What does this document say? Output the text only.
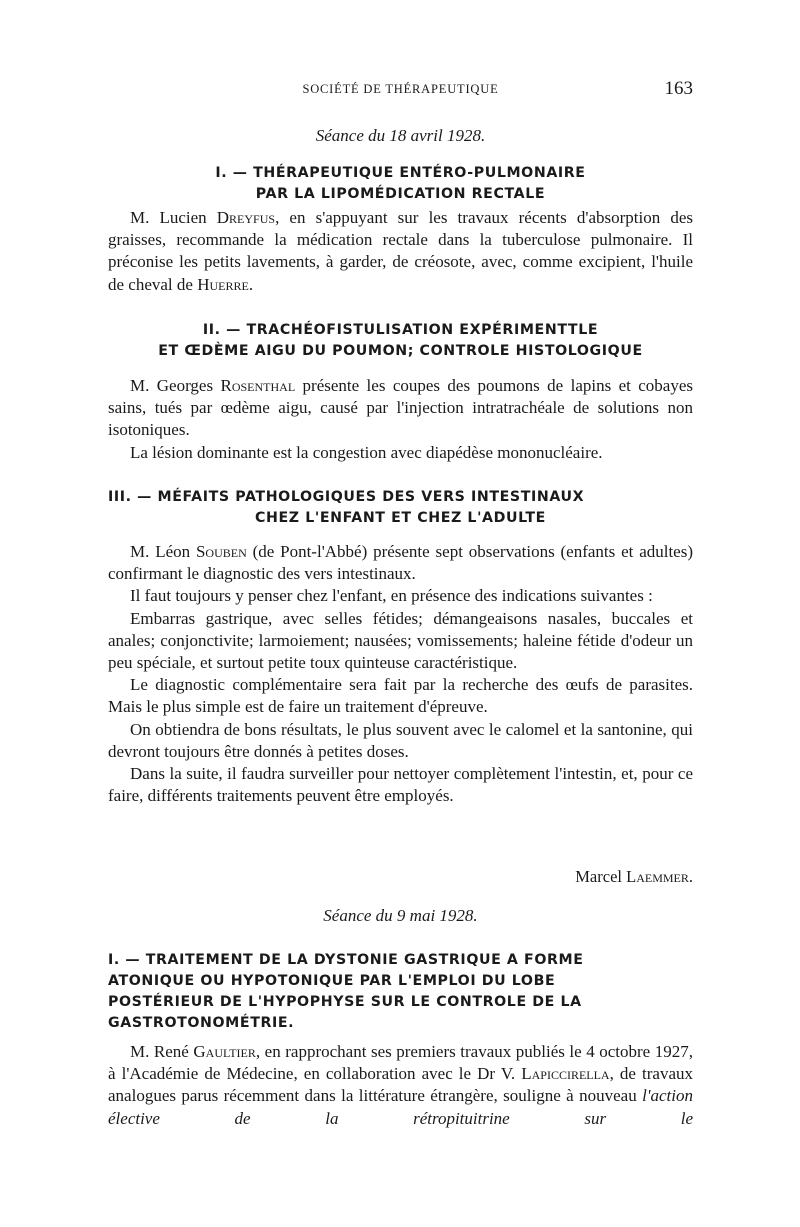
SOCIÉTÉ DE THÉRAPEUTIQUE	163
Séance du 18 avril 1928.
I. — THÉRAPEUTIQUE ENTÉRO-PULMONAIRE
PAR LA LIPOMÉDICATION RECTALE

M. Lucien Dreyfus, en s'appuyant sur les travaux récents d'absorption des graisses, recommande la médication rectale dans la tuberculose pulmonaire. Il préconise les petits lavements, à garder, de créosote, avec, comme excipient, l'huile de cheval de Huerre.

II. — TRACHÉOFISTULISATION EXPÉRIMENTTLE
ET ŒDÈME AIGU DU POUMON; CONTROLE HISTOLOGIQUE

M. Georges Rosenthal présente les coupes des poumons de lapins et cobayes sains, tués par œdème aigu, causé par l'injection intratrachéale de solutions non isotoniques.

La lésion dominante est la congestion avec diapédèse mononucléaire.

III. — MÉFAITS PATHOLOGIQUES DES VERS INTESTINAUX
CHEZ L'ENFANT ET CHEZ L'ADULTE

M. Léon Souben (de Pont-l'Abbé) présente sept observations (enfants et adultes) confirmant le diagnostic des vers intestinaux.

Il faut toujours y penser chez l'enfant, en présence des indications suivantes :

Embarras gastrique, avec selles fétides; démangeaisons nasales, buccales et anales; conjonctivite; larmoiement; nausées; vomissements; haleine fétide d'odeur un peu spéciale, et surtout petite toux quinteuse caractéristique.

Le diagnostic complémentaire sera fait par la recherche des œufs de parasites. Mais le plus simple est de faire un traitement d'épreuve.

On obtiendra de bons résultats, le plus souvent avec le calomel et la santonine, qui devront toujours être donnés à petites doses.

Dans la suite, il faudra surveiller pour nettoyer complètement l'intestin, et, pour ce faire, différents traitements peuvent être employés.

Marcel Laemmer.
Séance du 9 mai 1928.
I. — TRAITEMENT DE LA DYSTONIE GASTRIQUE A FORME
ATONIQUE OU HYPOTONIQUE PAR L'EMPLOI DU LOBE
POSTÉRIEUR DE L'HYPOPHYSE SUR LE CONTROLE DE LA
GASTROTONOMÉTRIE.

M. René Gaultier, en rapprochant ses premiers travaux publiés le 4 octobre 1927, à l'Académie de Médecine, en collaboration avec le Dr V. Lapiccirella, de travaux analogues parus récemment dans la littérature étrangère, souligne à nouveau l'action élective de la rétropituitrine sur le
